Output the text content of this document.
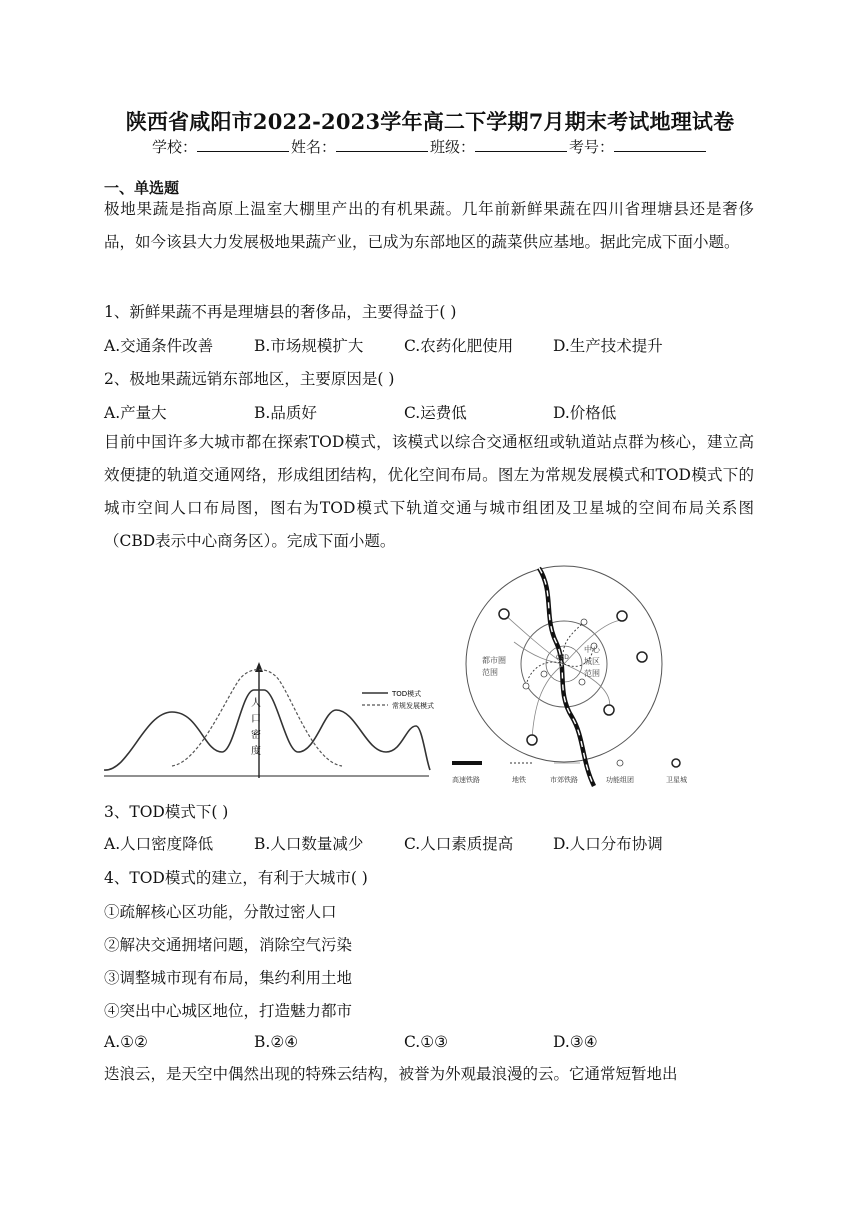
陕西省咸阳市2022-2023学年高二下学期7月期末考试地理试卷
学校：	姓名：	班级：	考号：
一、单选题
极地果蔬是指高原上温室大棚里产出的有机果蔬。几年前新鲜果蔬在四川省理塘县还是奢侈品，如今该县大力发展极地果蔬产业，已成为东部地区的蔬菜供应基地。据此完成下面小题。
1、新鲜果蔬不再是理塘县的奢侈品，主要得益于( )
A.交通条件改善	B.市场规模扩大	C.农药化肥使用	D.生产技术提升
2、极地果蔬远销东部地区，主要原因是( )
A.产量大	B.品质好	C.运费低	D.价格低
目前中国许多大城市都在探索TOD模式，该模式以综合交通枢纽或轨道站点群为核心，建立高效便捷的轨道交通网络，形成组团结构，优化空间布局。图左为常规发展模式和TOD模式下的城市空间人口布局图，图右为TOD模式下轨道交通与城市组团及卫星城的空间布局关系图（CBD表示中心商务区）。完成下面小题。
人
口
密
度
TOD模式
常规发展模式
CBD
都市圈
范围
中心
城区
范围
高速铁路	地铁	市郊铁路	功能组团	卫星城
3、TOD模式下( )
A.人口密度降低	B.人口数量减少	C.人口素质提高	D.人口分布协调
4、TOD模式的建立，有利于大城市( )
①疏解核心区功能，分散过密人口
②解决交通拥堵问题，消除空气污染
③调整城市现有布局，集约利用土地
④突出中心城区地位，打造魅力都市
A.①②	B.②④	C.①③	D.③④
迭浪云，是天空中偶然出现的特殊云结构，被誉为外观最浪漫的云。它通常短暂地出
